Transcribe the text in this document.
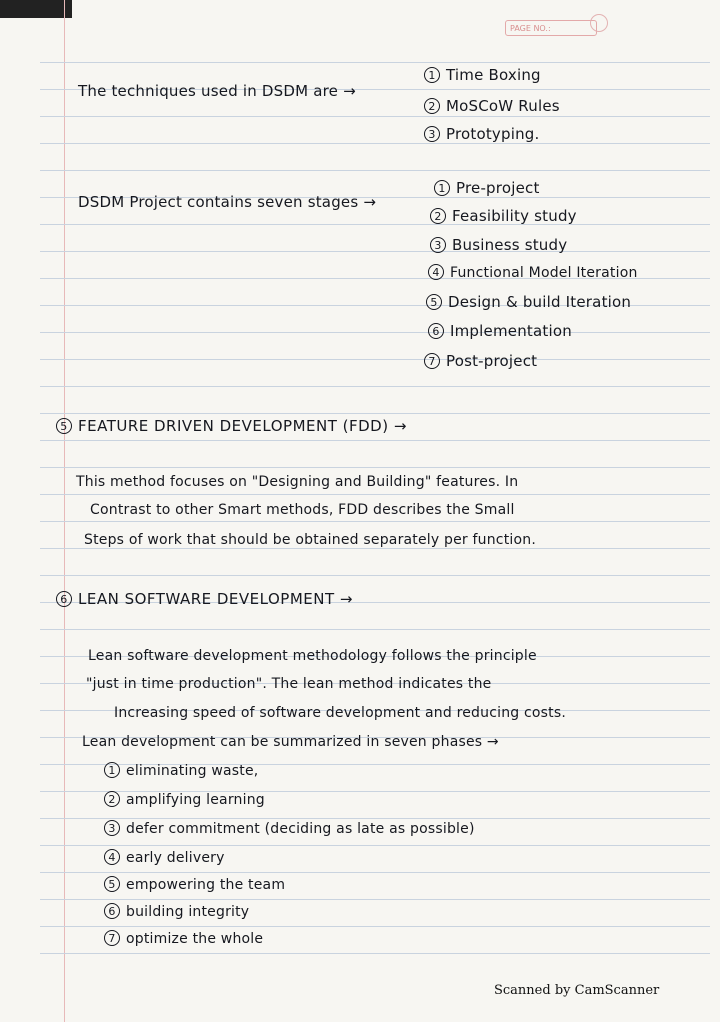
PAGE NO.:
The techniques used in DSDM are →
1 Time Boxing
2 MoSCoW Rules
3 Prototyping.
DSDM Project contains seven stages →
1 Pre-project
2 Feasibility study
3 Business study
4 Functional Model Iteration
5 Design & build Iteration
6 Implementation
7 Post-project
5 FEATURE DRIVEN DEVELOPMENT (FDD) →
This method focuses on "Designing and Building" features. In
Contrast to other Smart methods, FDD describes the Small
Steps of work that should be obtained separately per function.
6 LEAN SOFTWARE DEVELOPMENT →
Lean software development methodology follows the principle
"just in time production". The lean method indicates the
Increasing speed of software development and reducing costs.
Lean development can be summarized in seven phases →
1 eliminating waste,
2 amplifying learning
3 defer commitment (deciding as late as possible)
4 early delivery
5 empowering the team
6 building integrity
7 optimize the whole
Scanned by CamScanner
